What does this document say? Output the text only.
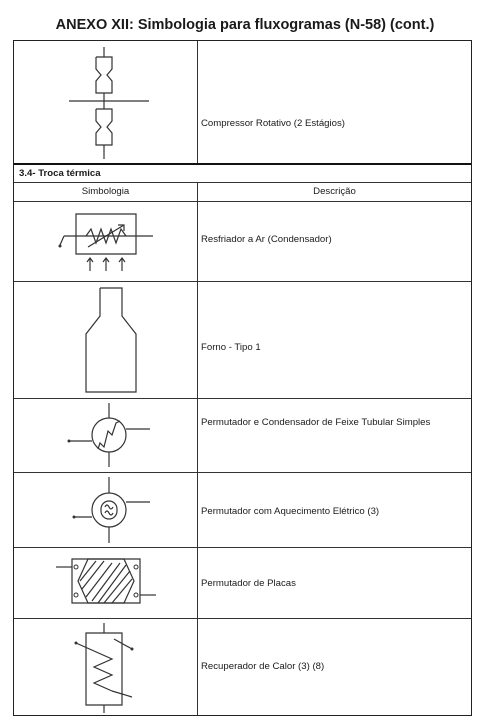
ANEXO XII: Simbologia para fluxogramas (N-58) (cont.)
Compressor Rotativo (2 Estágios)
3.4- Troca térmica
Simbologia	Descrição
Resfriador a Ar (Condensador)
Forno - Tipo 1
Permutador e Condensador de Feixe Tubular Simples
Permutador com Aquecimento Elétrico (3)
Permutador de Placas
Recuperador de Calor (3) (8)
